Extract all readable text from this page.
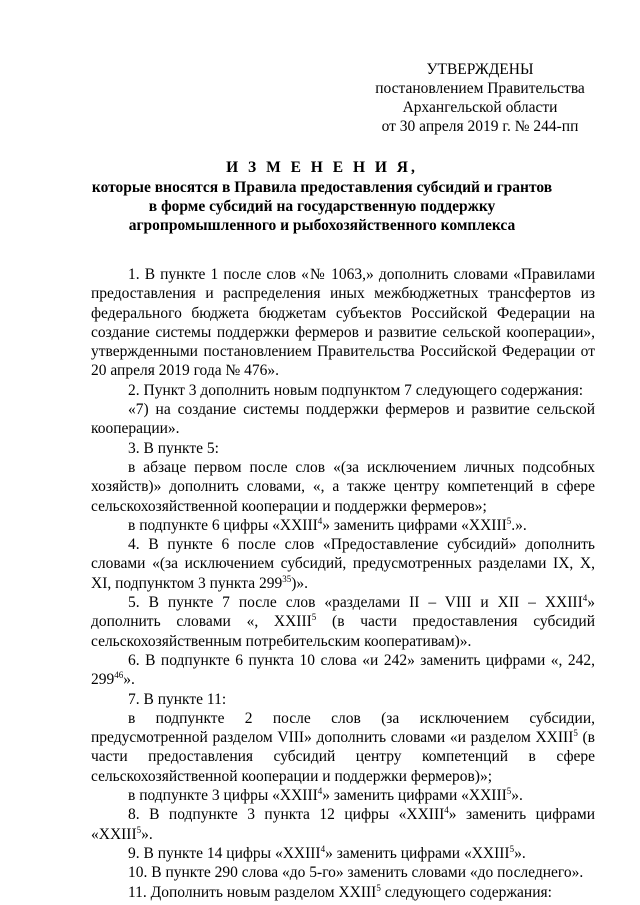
УТВЕРЖДЕНЫ
постановлением Правительства
Архангельской области
от 30 апреля 2019 г. № 244-пп
И З М Е Н Е Н И Я,
которые вносятся в Правила предоставления субсидий и грантов
в форме субсидий на государственную поддержку
агропромышленного и рыбохозяйственного комплекса
1. В пункте 1 после слов «№ 1063,» дополнить словами «Правилами предоставления и распределения иных межбюджетных трансфертов из федерального бюджета бюджетам субъектов Российской Федерации на создание системы поддержки фермеров и развитие сельской кооперации», утвержденными постановлением Правительства Российской Федерации от 20 апреля 2019 года № 476».
2. Пункт 3 дополнить новым подпунктом 7 следующего содержания:
«7) на создание системы поддержки фермеров и развитие сельской кооперации».
3. В пункте 5:
в абзаце первом после слов «(за исключением личных подсобных хозяйств)» дополнить словами, «, а также центру компетенций в сфере сельскохозяйственной кооперации и поддержки фермеров»;
в подпункте 6 цифры «XXIII$^4$» заменить цифрами «XXIII$^5$.».
4. В пункте 6 после слов «Предоставление субсидий» дополнить словами «(за исключением субсидий, предусмотренных разделами IX, X, XI, подпунктом 3 пункта $299^{35}$)».
5. В пункте 7 после слов «разделами II – VIII и XII – XXIII$^4$» дополнить словами «, XXIII$^5$ (в части предоставления субсидий сельскохозяйственным потребительским кооперативам)».
6. В подпункте 6 пункта 10 слова «и 242» заменить цифрами «, 242, $299^{46}$».
7. В пункте 11:
в подпункте 2 после слов (за исключением субсидии, предусмотренной разделом VIII» дополнить словами «и разделом XXIII$^5$ (в части предоставления субсидий центру компетенций в сфере сельскохозяйственной кооперации и поддержки фермеров)»;
в подпункте 3 цифры «XXIII$^4$» заменить цифрами «XXIII$^5$».
8. В подпункте 3 пункта 12 цифры «XXIII$^4$» заменить цифрами «XXIII$^5$».
9. В пункте 14 цифры «XXIII$^4$» заменить цифрами «XXIII$^5$».
10. В пункте 290 слова «до 5-го» заменить словами «до последнего».
11. Дополнить новым разделом XXIII$^5$ следующего содержания:
